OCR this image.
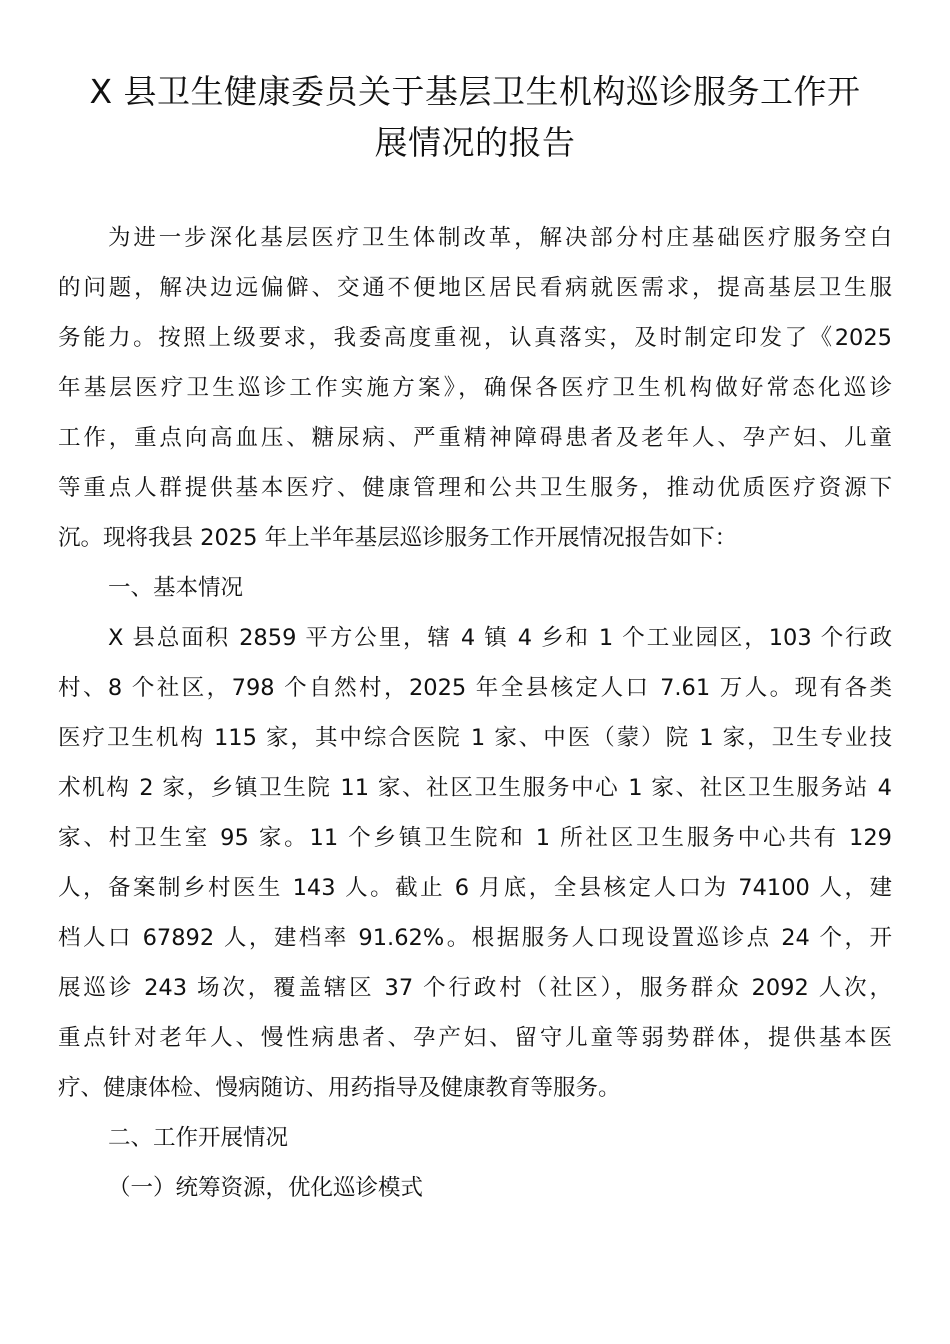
X 县卫生健康委员关于基层卫生机构巡诊服务工作开
展情况的报告
为进一步深化基层医疗卫生体制改革，解决部分村庄基础医疗服务空白
的问题，解决边远偏僻、交通不便地区居民看病就医需求，提高基层卫生服
务能力。按照上级要求，我委高度重视，认真落实，及时制定印发了《2025
年基层医疗卫生巡诊工作实施方案》，确保各医疗卫生机构做好常态化巡诊
工作，重点向高血压、糖尿病、严重精神障碍患者及老年人、孕产妇、儿童
等重点人群提供基本医疗、健康管理和公共卫生服务，推动优质医疗资源下
沉。现将我县 2025 年上半年基层巡诊服务工作开展情况报告如下：
一、基本情况
X 县总面积 2859 平方公里，辖 4 镇 4 乡和 1 个工业园区，103 个行政
村、8 个社区，798 个自然村，2025 年全县核定人口 7.61 万人。现有各类
医疗卫生机构 115 家，其中综合医院 1 家、中医（蒙）院 1 家，卫生专业技
术机构 2 家，乡镇卫生院 11 家、社区卫生服务中心 1 家、社区卫生服务站 4
家、村卫生室 95 家。11 个乡镇卫生院和 1 所社区卫生服务中心共有 129
人，备案制乡村医生 143 人。截止 6 月底，全县核定人口为 74100 人，建
档人口 67892 人，建档率 91.62%。根据服务人口现设置巡诊点 24 个，开
展巡诊 243 场次，覆盖辖区 37 个行政村（社区），服务群众 2092 人次，
重点针对老年人、慢性病患者、孕产妇、留守儿童等弱势群体，提供基本医
疗、健康体检、慢病随访、用药指导及健康教育等服务。
二、工作开展情况
（一）统筹资源，优化巡诊模式
